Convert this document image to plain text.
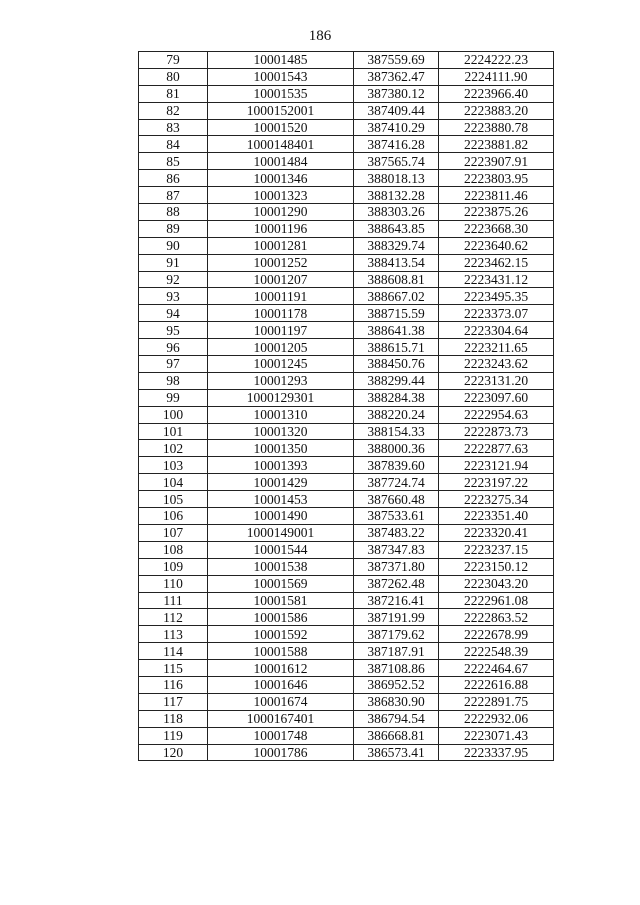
186
79	10001485	387559.69	2224222.23
80	10001543	387362.47	2224111.90
81	10001535	387380.12	2223966.40
82	1000152001	387409.44	2223883.20
83	10001520	387410.29	2223880.78
84	1000148401	387416.28	2223881.82
85	10001484	387565.74	2223907.91
86	10001346	388018.13	2223803.95
87	10001323	388132.28	2223811.46
88	10001290	388303.26	2223875.26
89	10001196	388643.85	2223668.30
90	10001281	388329.74	2223640.62
91	10001252	388413.54	2223462.15
92	10001207	388608.81	2223431.12
93	10001191	388667.02	2223495.35
94	10001178	388715.59	2223373.07
95	10001197	388641.38	2223304.64
96	10001205	388615.71	2223211.65
97	10001245	388450.76	2223243.62
98	10001293	388299.44	2223131.20
99	1000129301	388284.38	2223097.60
100	10001310	388220.24	2222954.63
101	10001320	388154.33	2222873.73
102	10001350	388000.36	2222877.63
103	10001393	387839.60	2223121.94
104	10001429	387724.74	2223197.22
105	10001453	387660.48	2223275.34
106	10001490	387533.61	2223351.40
107	1000149001	387483.22	2223320.41
108	10001544	387347.83	2223237.15
109	10001538	387371.80	2223150.12
110	10001569	387262.48	2223043.20
111	10001581	387216.41	2222961.08
112	10001586	387191.99	2222863.52
113	10001592	387179.62	2222678.99
114	10001588	387187.91	2222548.39
115	10001612	387108.86	2222464.67
116	10001646	386952.52	2222616.88
117	10001674	386830.90	2222891.75
118	1000167401	386794.54	2222932.06
119	10001748	386668.81	2223071.43
120	10001786	386573.41	2223337.95
